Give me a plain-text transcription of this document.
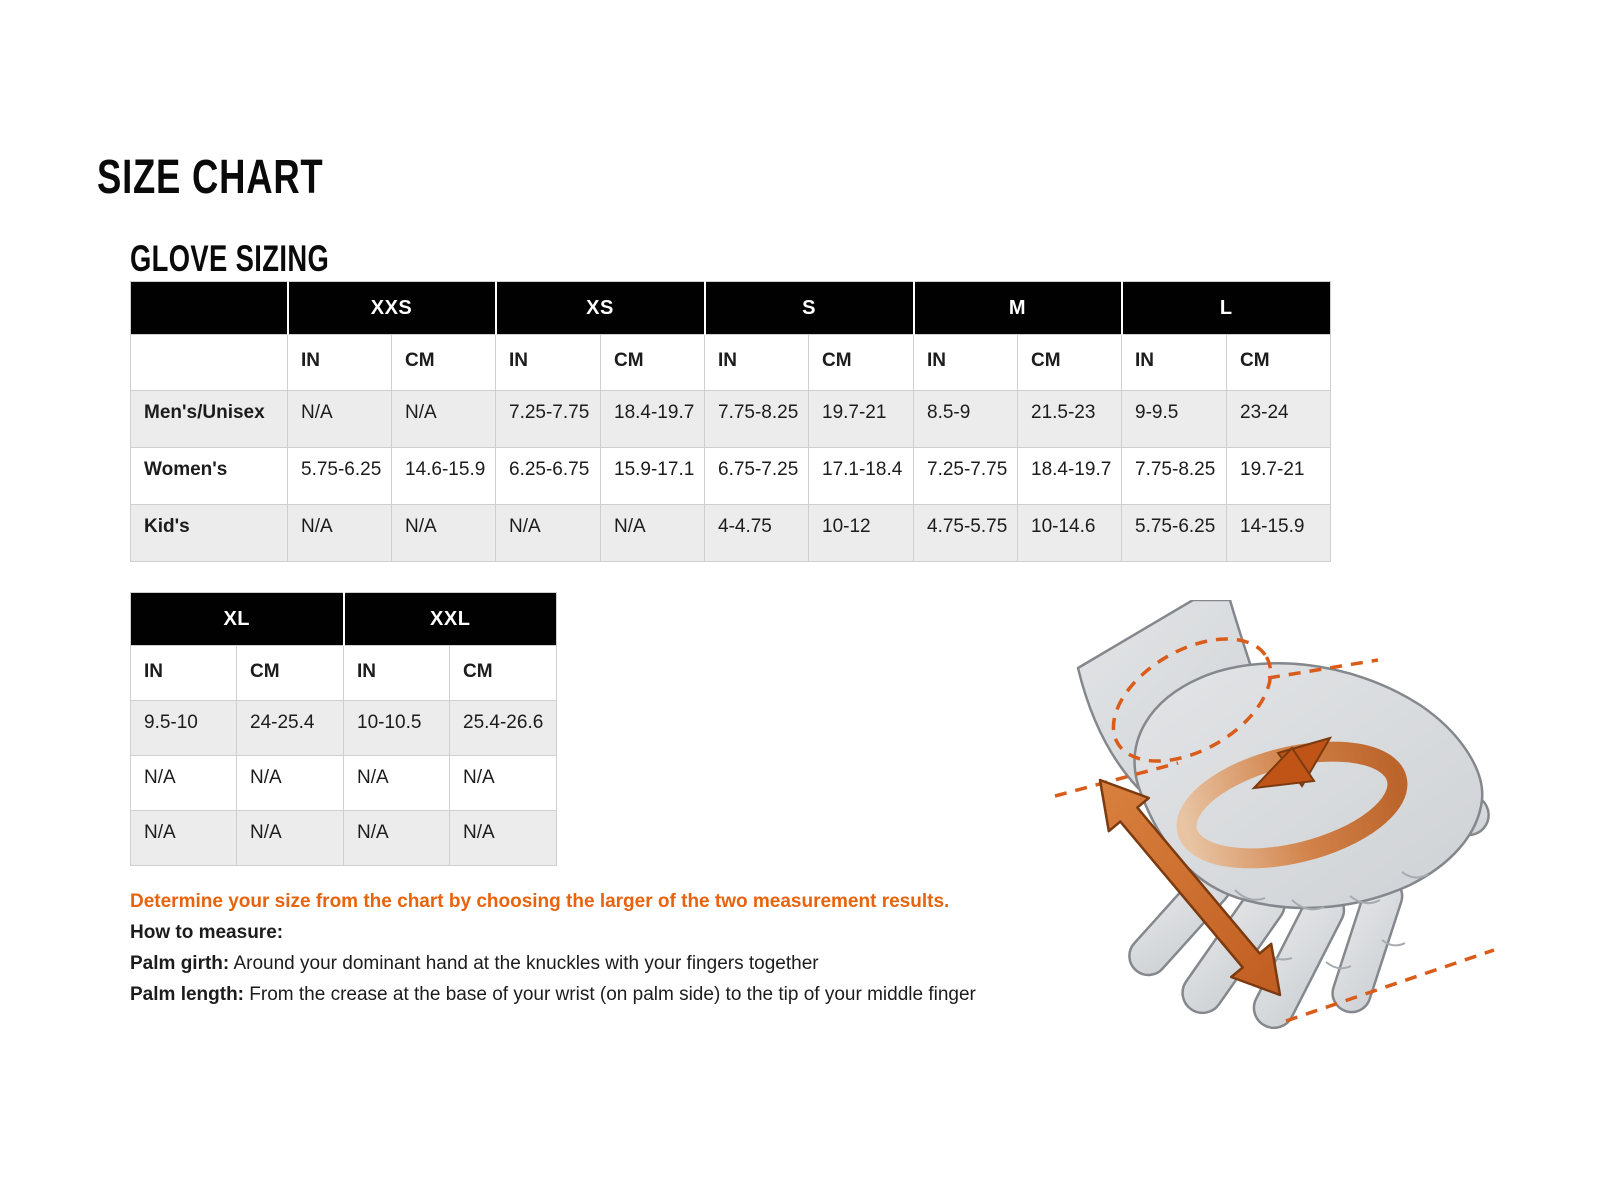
SIZE CHART
GLOVE SIZING
	XXS		XS		S		M		L	
	IN	CM	IN	CM	IN	CM	IN	CM	IN	CM
Men's/Unisex	N/A	N/A	7.25-7.75	18.4-19.7	7.75-8.25	19.7-21	8.5-9	21.5-23	9-9.5	23-24
Women's	5.75-6.25	14.6-15.9	6.25-6.75	15.9-17.1	6.75-7.25	17.1-18.4	7.25-7.75	18.4-19.7	7.75-8.25	19.7-21
Kid's	N/A	N/A	N/A	N/A	4-4.75	10-12	4.75-5.75	10-14.6	5.75-6.25	14-15.9
XL		XXL	
IN	CM	IN	CM
9.5-10	24-25.4	10-10.5	25.4-26.6
N/A	N/A	N/A	N/A
N/A	N/A	N/A	N/A
Determine your size from the chart by choosing the larger of the two measurement results.
How to measure:
Palm girth: Around your dominant hand at the knuckles with your fingers together
Palm length: From the crease at the base of your wrist (on palm side) to the tip of your middle finger
